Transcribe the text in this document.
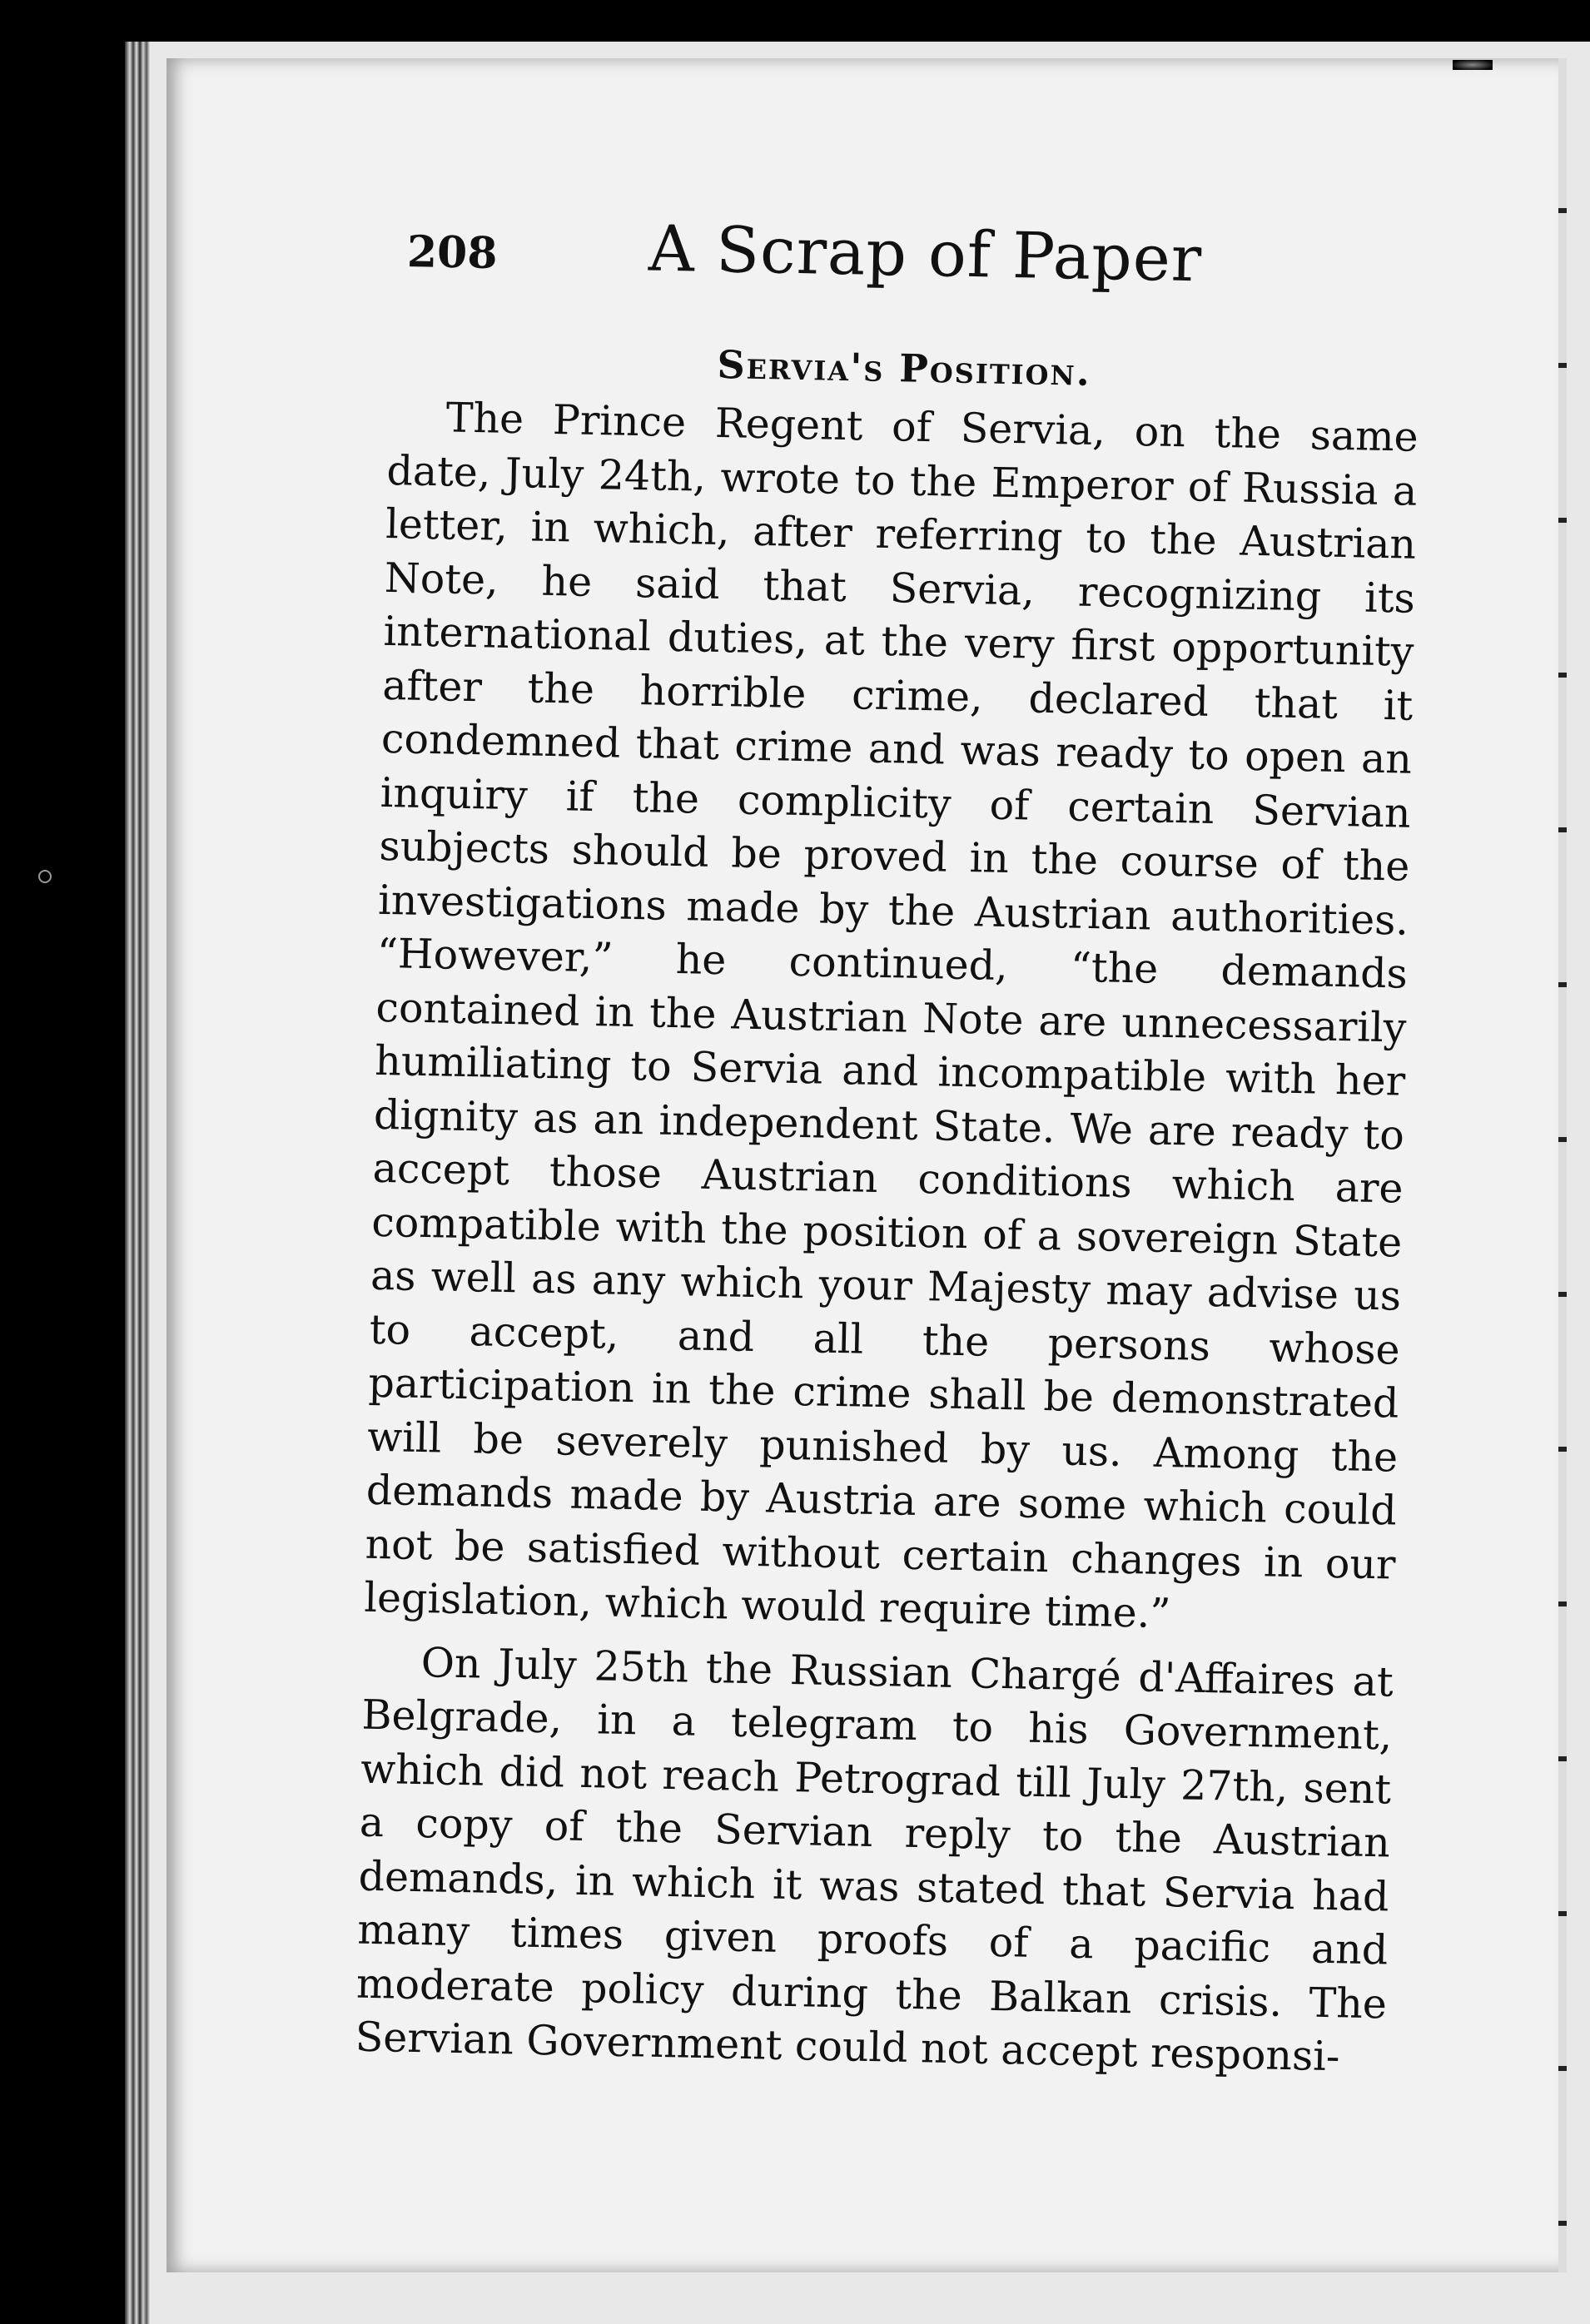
208 A Scrap of Paper
Servia's Position.

The Prince Regent of Servia, on the same date, July 24th, wrote to the Emperor of Russia a letter, in which, after referring to the Austrian Note, he said that Servia, recognizing its international duties, at the very first opportunity after the horrible crime, declared that it condemned that crime and was ready to open an inquiry if the complicity of certain Servian subjects should be proved in the course of the investigations made by the Austrian authorities. “However,” he continued, “the demands contained in the Austrian Note are unnecessarily humiliating to Servia and incompatible with her dignity as an independent State. We are ready to accept those Austrian conditions which are compatible with the position of a sovereign State as well as any which your Majesty may advise us to accept, and all the persons whose participation in the crime shall be demonstrated will be severely punished by us. Among the demands made by Austria are some which could not be satisfied without certain changes in our legislation, which would require time.”

On July 25th the Russian Chargé d'Affaires at Belgrade, in a telegram to his Government, which did not reach Petrograd till July 27th, sent a copy of the Servian reply to the Austrian demands, in which it was stated that Servia had many times given proofs of a pacific and moderate policy during the Balkan crisis. The Servian Government could not accept responsi-
